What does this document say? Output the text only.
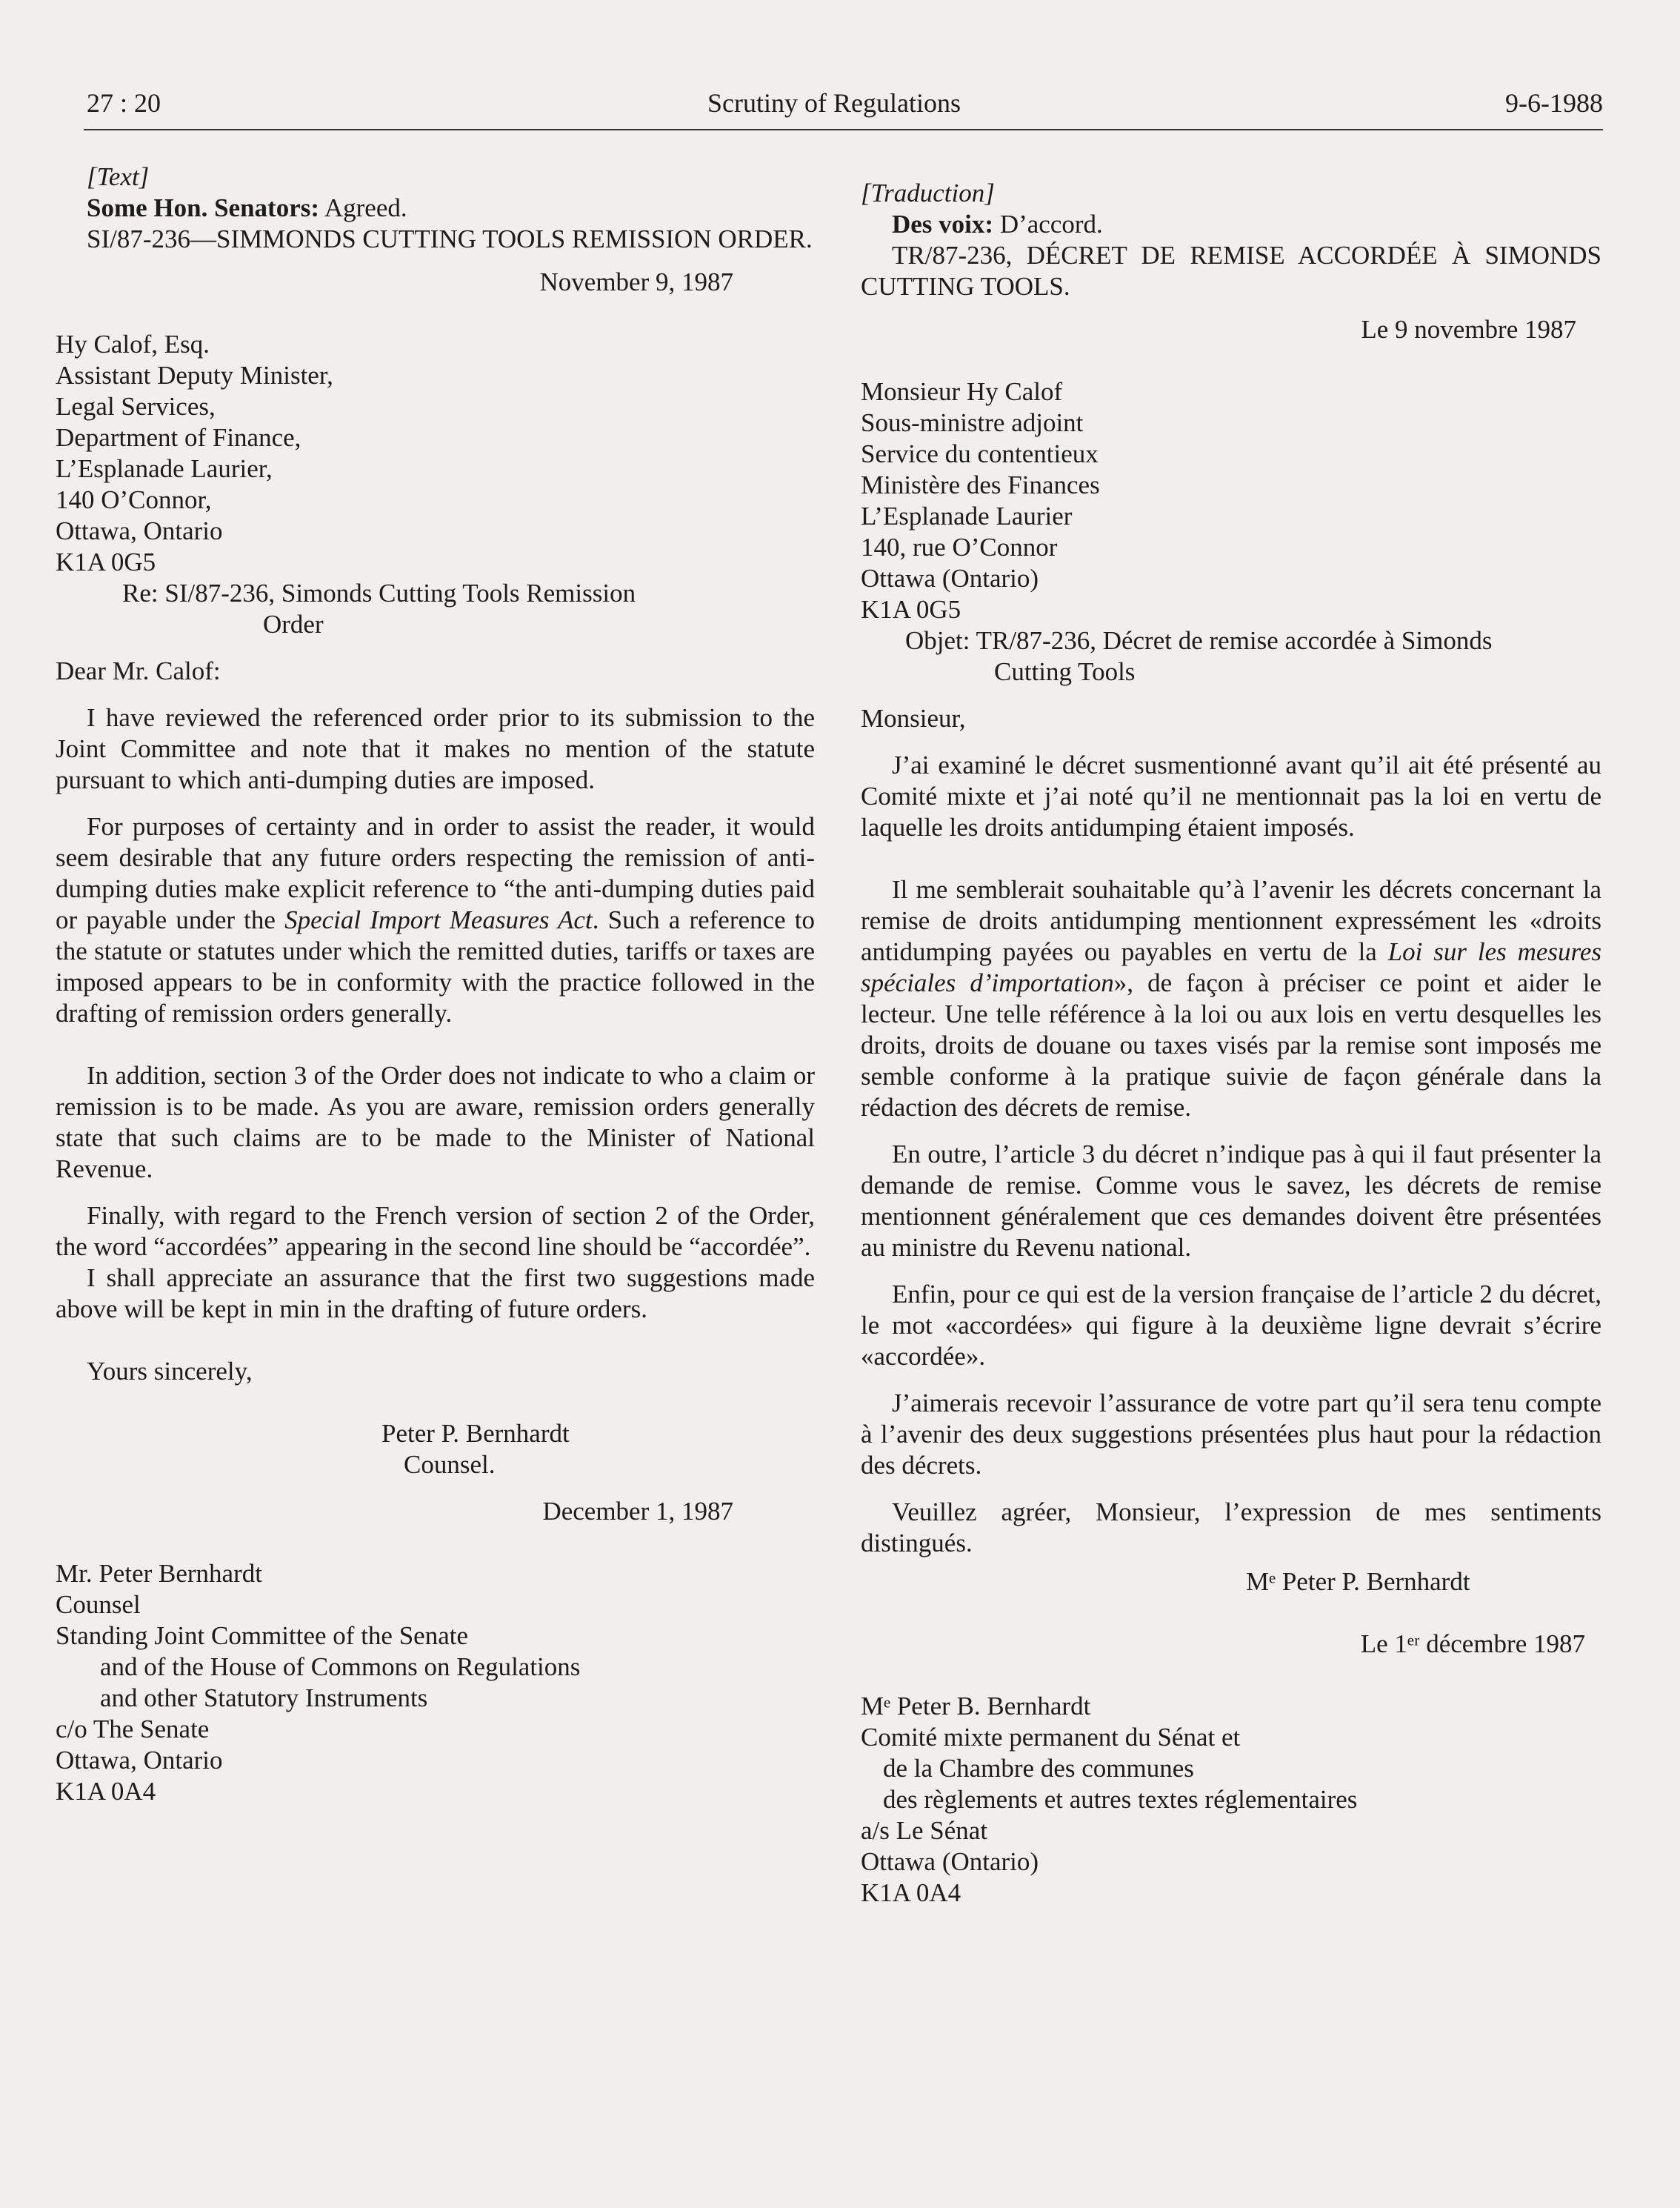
27 : 20	Scrutiny of Regulations	9-6-1988

[Text]

Some Hon. Senators: Agreed.

SI/87-236—SIMMONDS CUTTING TOOLS REMISSION ORDER.

November 9, 1987

Hy Calof, Esq.
Assistant Deputy Minister,
Legal Services,
Department of Finance,
L’Esplanade Laurier,
140 O’Connor,
Ottawa, Ontario
K1A 0G5

Re: SI/87-236, Simonds Cutting Tools Remission

Order

Dear Mr. Calof:

I have reviewed the referenced order prior to its submission to the Joint Committee and note that it makes no mention of the statute pursuant to which anti-dumping duties are imposed.

For purposes of certainty and in order to assist the reader, it would seem desirable that any future orders respecting the remission of anti-dumping duties make explicit reference to “the anti-dumping duties paid or payable under the Special Import Measures Act. Such a reference to the statute or statutes under which the remitted duties, tariffs or taxes are imposed appears to be in conformity with the practice followed in the drafting of remission orders generally.

In addition, section 3 of the Order does not indicate to who a claim or remission is to be made. As you are aware, remission orders generally state that such claims are to be made to the Minister of National Revenue.

Finally, with regard to the French version of section 2 of the Order, the word “accordées” appearing in the second line should be “accordée”.

I shall appreciate an assurance that the first two suggestions made above will be kept in min in the drafting of future orders.

Yours sincerely,

Peter P. Bernhardt

Counsel.

December 1, 1987

Mr. Peter Bernhardt
Counsel
Standing Joint Committee of the Senate
and of the House of Commons on Regulations
and other Statutory Instruments
c/o The Senate
Ottawa, Ontario
K1A 0A4

[Traduction]

Des voix: D’accord.

TR/87-236, DÉCRET DE REMISE ACCORDÉE À SIMONDS CUTTING TOOLS.

Le 9 novembre 1987

Monsieur Hy Calof
Sous-ministre adjoint
Service du contentieux
Ministère des Finances
L’Esplanade Laurier
140, rue O’Connor
Ottawa (Ontario)
K1A 0G5

Objet: TR/87-236, Décret de remise accordée à Simonds

Cutting Tools

Monsieur,

J’ai examiné le décret susmentionné avant qu’il ait été présenté au Comité mixte et j’ai noté qu’il ne mentionnait pas la loi en vertu de laquelle les droits antidumping étaient imposés.

Il me semblerait souhaitable qu’à l’avenir les décrets concernant la remise de droits antidumping mentionnent expressément les «droits antidumping payées ou payables en vertu de la Loi sur les mesures spéciales d’importation», de façon à préciser ce point et aider le lecteur. Une telle référence à la loi ou aux lois en vertu desquelles les droits, droits de douane ou taxes visés par la remise sont imposés me semble conforme à la pratique suivie de façon générale dans la rédaction des décrets de remise.

En outre, l’article 3 du décret n’indique pas à qui il faut présenter la demande de remise. Comme vous le savez, les décrets de remise mentionnent généralement que ces demandes doivent être présentées au ministre du Revenu national.

Enfin, pour ce qui est de la version française de l’article 2 du décret, le mot «accordées» qui figure à la deuxième ligne devrait s’écrire «accordée».

J’aimerais recevoir l’assurance de votre part qu’il sera tenu compte à l’avenir des deux suggestions présentées plus haut pour la rédaction des décrets.

Veuillez agréer, Monsieur, l’expression de mes sentiments distingués.

Mᵉ Peter P. Bernhardt

Le 1ᵉʳ décembre 1987

Mᵉ Peter B. Bernhardt
Comité mixte permanent du Sénat et
de la Chambre des communes
des règlements et autres textes réglementaires
a/s Le Sénat
Ottawa (Ontario)
K1A 0A4
